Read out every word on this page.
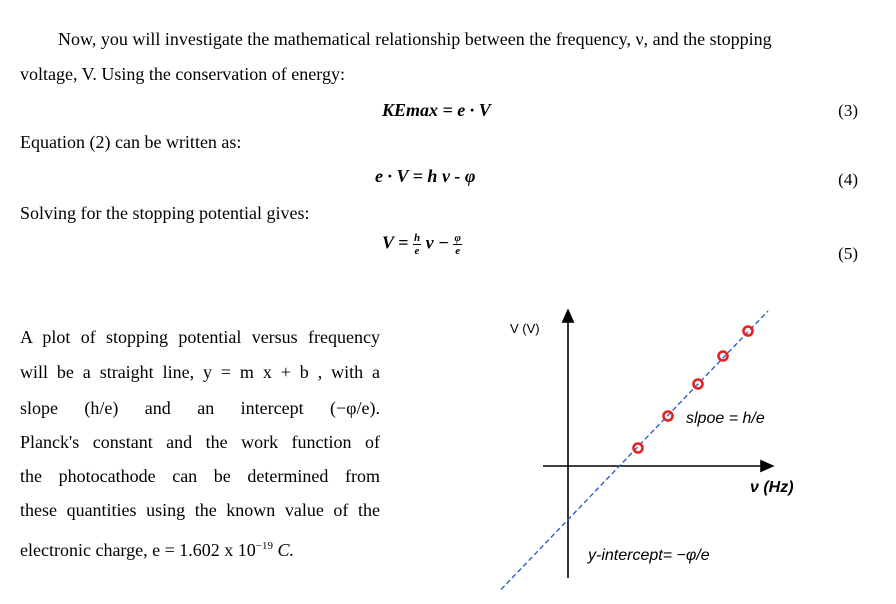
Now, you will investigate the mathematical relationship between the frequency, ν, and the stopping
voltage, V. Using the conservation of energy:
KEmax = e · V	(3)
Equation (2) can be written as:
e · V = h ν - φ	(4)
Solving for the stopping potential gives:
$V = \frac{h}{e}$ $\nu - \frac{\varphi}{e}$	(5)
A plot of stopping potential versus frequency
will be a straight line, y = m x + b , with a
slope (h/e) and an intercept (−φ/e).
Planck's constant and the work function of
the photocathode can be determined from
these quantities using the known value of the
electronic charge, e = 1.602 x $10^{-19}$ C.
V (V)
ν (Hz)
slpoe = h/e
y-intercept= −φ/e
